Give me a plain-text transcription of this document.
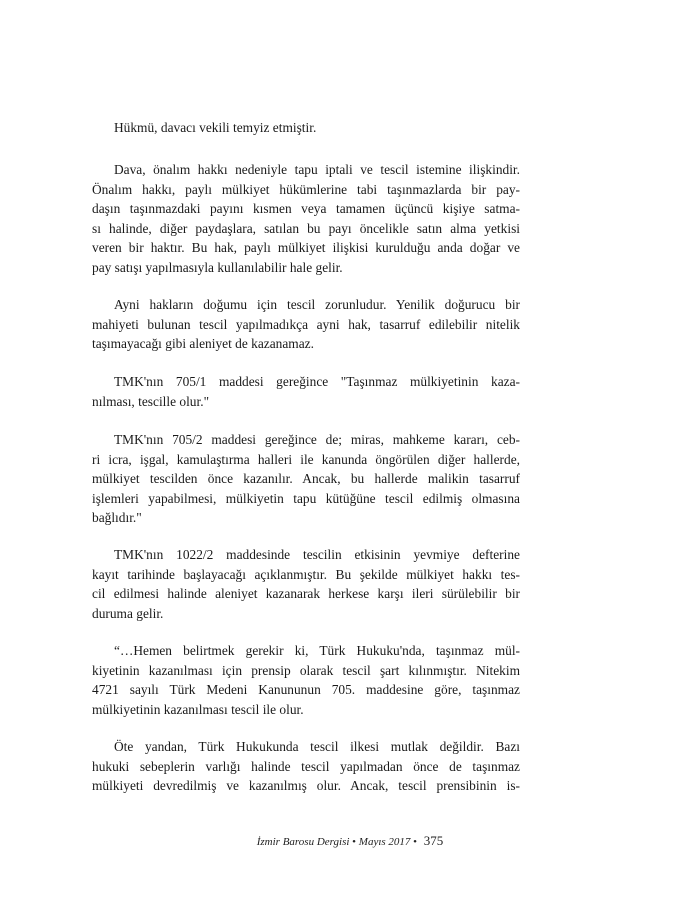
Hükmü, davacı vekili temyiz etmiştir.
Dava, önalım hakkı nedeniyle tapu iptali ve tescil istemine ilişkindir.
Önalım hakkı, paylı mülkiyet hükümlerine tabi taşınmazlarda bir pay-
daşın taşınmazdaki payını kısmen veya tamamen üçüncü kişiye satma-
sı halinde, diğer paydaşlara, satılan bu payı öncelikle satın alma yetkisi
veren bir haktır. Bu hak, paylı mülkiyet ilişkisi kurulduğu anda doğar ve
pay satışı yapılmasıyla kullanılabilir hale gelir.
Ayni hakların doğumu için tescil zorunludur. Yenilik doğurucu bir
mahiyeti bulunan tescil yapılmadıkça ayni hak, tasarruf edilebilir nitelik
taşımayacağı gibi aleniyet de kazanamaz.
TMK'nın 705/1 maddesi gereğince "Taşınmaz mülkiyetinin kaza-
nılması, tescille olur."
TMK'nın 705/2 maddesi gereğince de; miras, mahkeme kararı, ceb-
ri icra, işgal, kamulaştırma halleri ile kanunda öngörülen diğer hallerde,
mülkiyet tescilden önce kazanılır. Ancak, bu hallerde malikin tasarruf
işlemleri yapabilmesi, mülkiyetin tapu kütüğüne tescil edilmiş olmasına
bağlıdır."
TMK'nın 1022/2 maddesinde tescilin etkisinin yevmiye defterine
kayıt tarihinde başlayacağı açıklanmıştır. Bu şekilde mülkiyet hakkı tes-
cil edilmesi halinde aleniyet kazanarak herkese karşı ileri sürülebilir bir
duruma gelir.
“…Hemen belirtmek gerekir ki, Türk Hukuku'nda, taşınmaz mül-
kiyetinin kazanılması için prensip olarak tescil şart kılınmıştır. Nitekim
4721 sayılı Türk Medeni Kanununun 705. maddesine göre, taşınmaz
mülkiyetinin kazanılması tescil ile olur.
Öte yandan, Türk Hukukunda tescil ilkesi mutlak değildir. Bazı
hukuki sebeplerin varlığı halinde tescil yapılmadan önce de taşınmaz
mülkiyeti devredilmiş ve kazanılmış olur. Ancak, tescil prensibinin is-
İzmir Barosu Dergisi • Mayıs 2017 • 375
